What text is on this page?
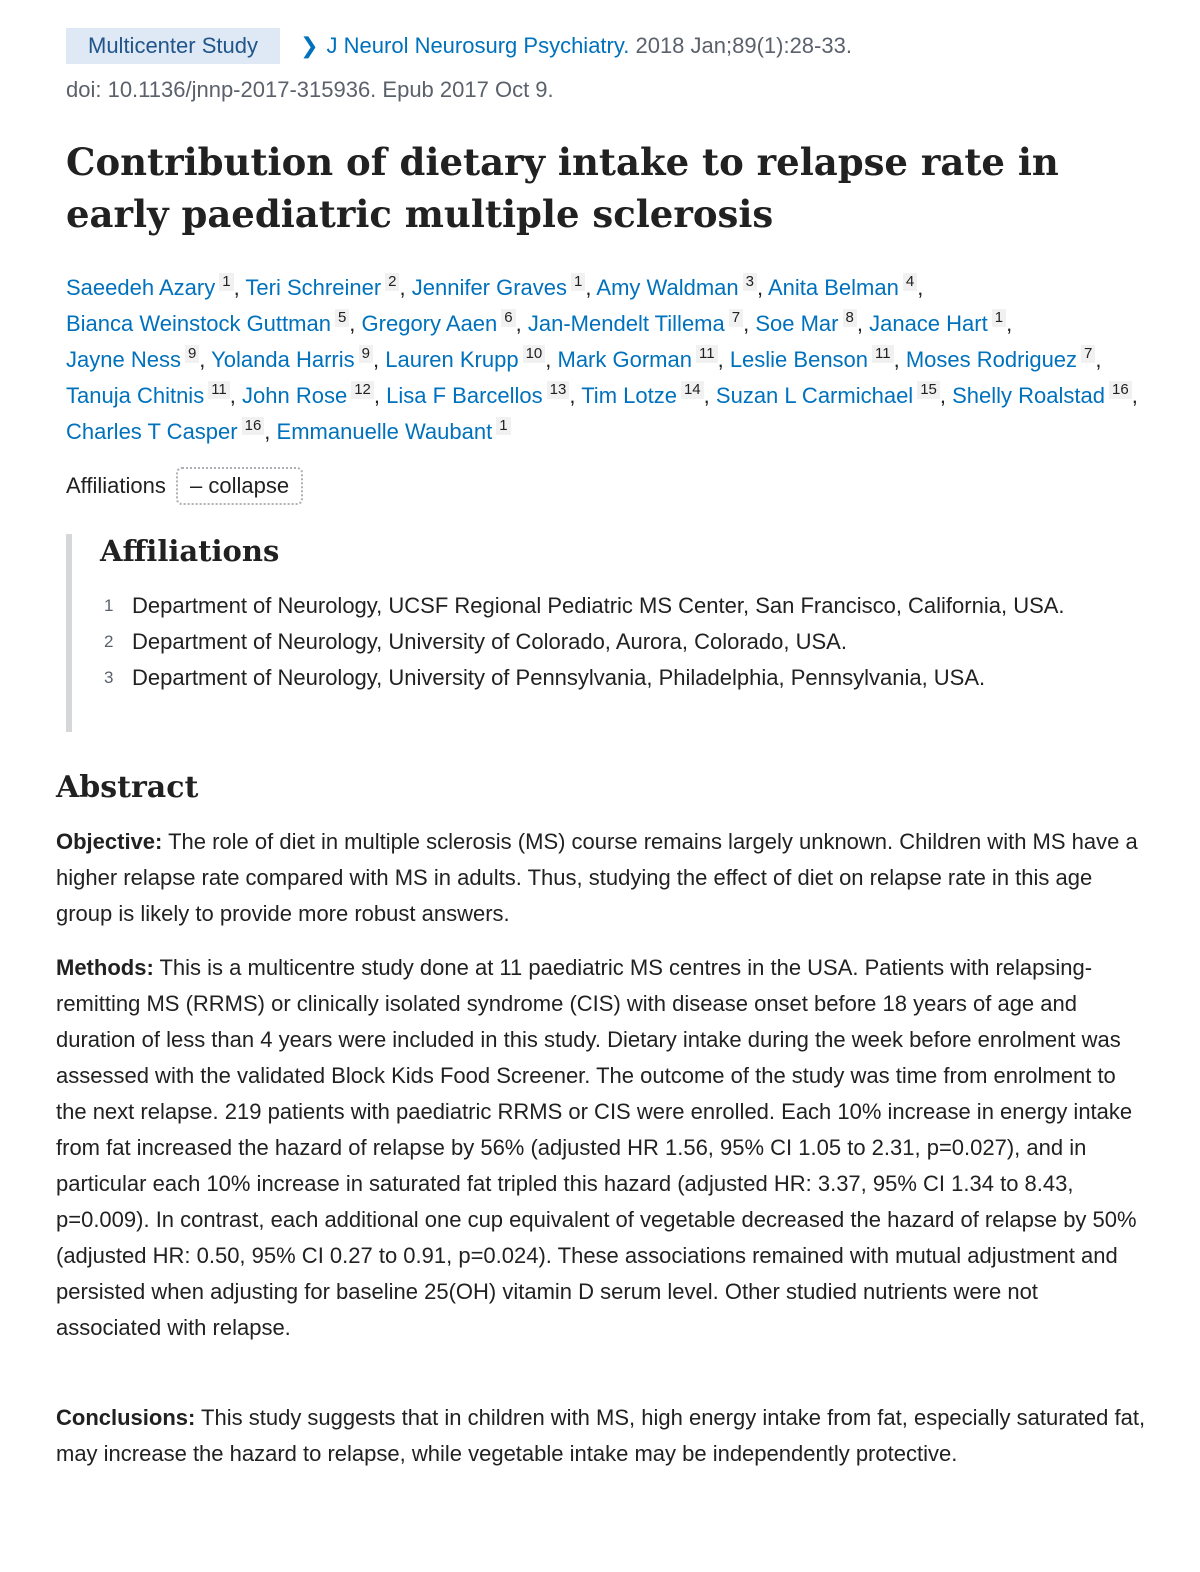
Multicenter Study ❯ J Neurol Neurosurg Psychiatry. 2018 Jan;89(1):28-33.
doi: 10.1136/jnnp-2017-315936. Epub 2017 Oct 9.
Contribution of dietary intake to relapse rate in early paediatric multiple sclerosis
Saeedeh Azary 1 , Teri Schreiner 2 , Jennifer Graves 1 , Amy Waldman 3 , Anita Belman 4 , Bianca Weinstock Guttman 5 , Gregory Aaen 6 , Jan-Mendelt Tillema 7 , Soe Mar 8 , Janace Hart 1 , Jayne Ness 9 , Yolanda Harris 9 , Lauren Krupp 10 , Mark Gorman 11 , Leslie Benson 11 , Moses Rodriguez 7 , Tanuja Chitnis 11 , John Rose 12 , Lisa F Barcellos 13 , Tim Lotze 14 , Suzan L Carmichael 15 , Shelly Roalstad 16 , Charles T Casper 16 , Emmanuelle Waubant 1
Affiliations – collapse
Affiliations
1 Department of Neurology, UCSF Regional Pediatric MS Center, San Francisco, California, USA.
2 Department of Neurology, University of Colorado, Aurora, Colorado, USA.
3 Department of Neurology, University of Pennsylvania, Philadelphia, Pennsylvania, USA.
Abstract

Objective: The role of diet in multiple sclerosis (MS) course remains largely unknown. Children with MS have a higher relapse rate compared with MS in adults. Thus, studying the effect of diet on relapse rate in this age group is likely to provide more robust answers.

Methods: This is a multicentre study done at 11 paediatric MS centres in the USA. Patients with relapsing-remitting MS (RRMS) or clinically isolated syndrome (CIS) with disease onset before 18 years of age and duration of less than 4 years were included in this study. Dietary intake during the week before enrolment was assessed with the validated Block Kids Food Screener. The outcome of the study was time from enrolment to the next relapse. 219 patients with paediatric RRMS or CIS were enrolled. Each 10% increase in energy intake from fat increased the hazard of relapse by 56% (adjusted HR 1.56, 95% CI 1.05 to 2.31, p=0.027), and in particular each 10% increase in saturated fat tripled this hazard (adjusted HR: 3.37, 95% CI 1.34 to 8.43, p=0.009). In contrast, each additional one cup equivalent of vegetable decreased the hazard of relapse by 50% (adjusted HR: 0.50, 95% CI 0.27 to 0.91, p=0.024). These associations remained with mutual adjustment and persisted when adjusting for baseline 25(OH) vitamin D serum level. Other studied nutrients were not associated with relapse.

Conclusions: This study suggests that in children with MS, high energy intake from fat, especially saturated fat, may increase the hazard to relapse, while vegetable intake may be independently protective.
